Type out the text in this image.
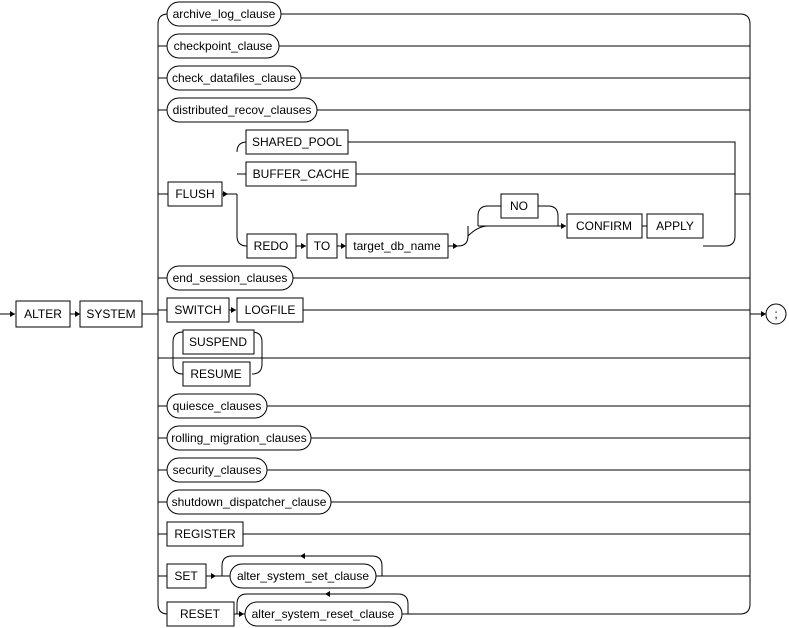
ALTER SYSTEM
archive_log_clause
checkpoint_clause
check_datafiles_clause
distributed_recov_clauses
FLUSH
SHARED_POOL
BUFFER_CACHE
REDO TO target_db_name
NO
CONFIRM APPLY
end_session_clauses
SWITCH LOGFILE
SUSPEND
RESUME
quiesce_clauses
rolling_migration_clauses
security_clauses
shutdown_dispatcher_clause
REGISTER
SET	alter_system_set_clause
RESET	alter_system_reset_clause
;
